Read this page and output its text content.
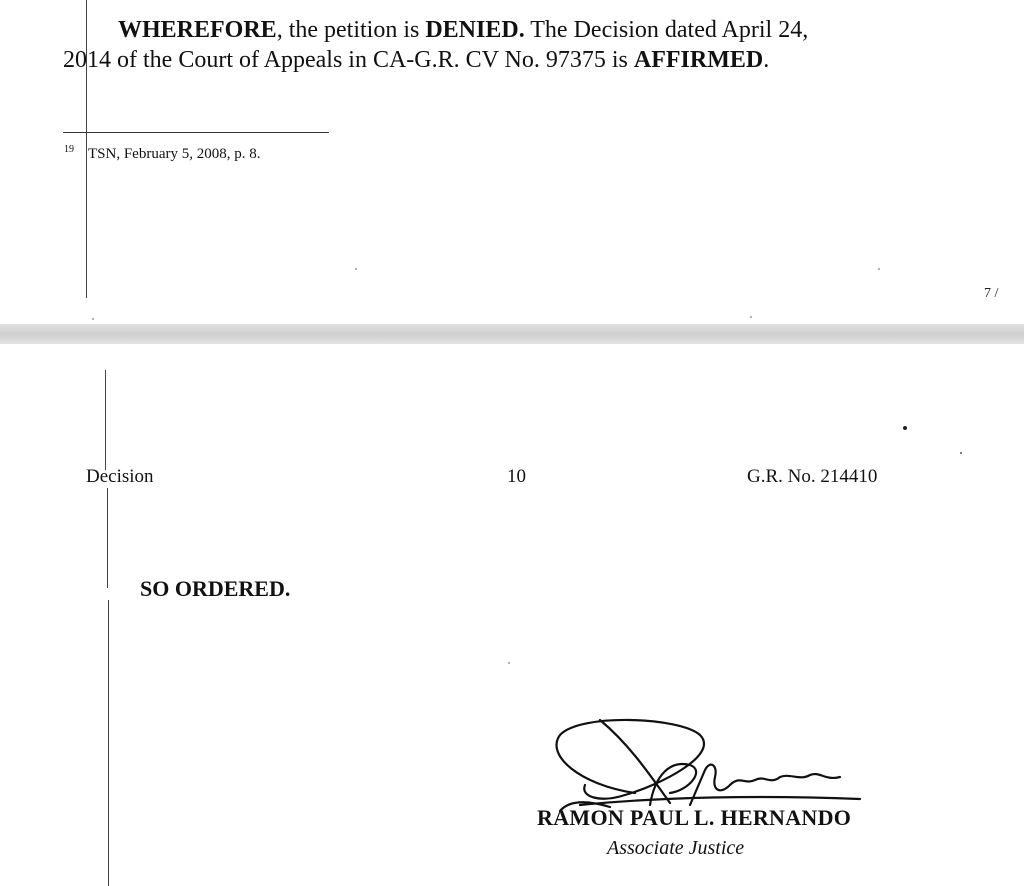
WHEREFORE, the petition is DENIED. The Decision dated April 24,
2014 of the Court of Appeals in CA-G.R. CV No. 97375 is AFFIRMED.

$^{19}$ TSN, February 5, 2008, p. 8.
7 /
Decision	10	G.R. No. 214410
SO ORDERED.
RAMON PAUL L. HERNANDO
Associate Justice
